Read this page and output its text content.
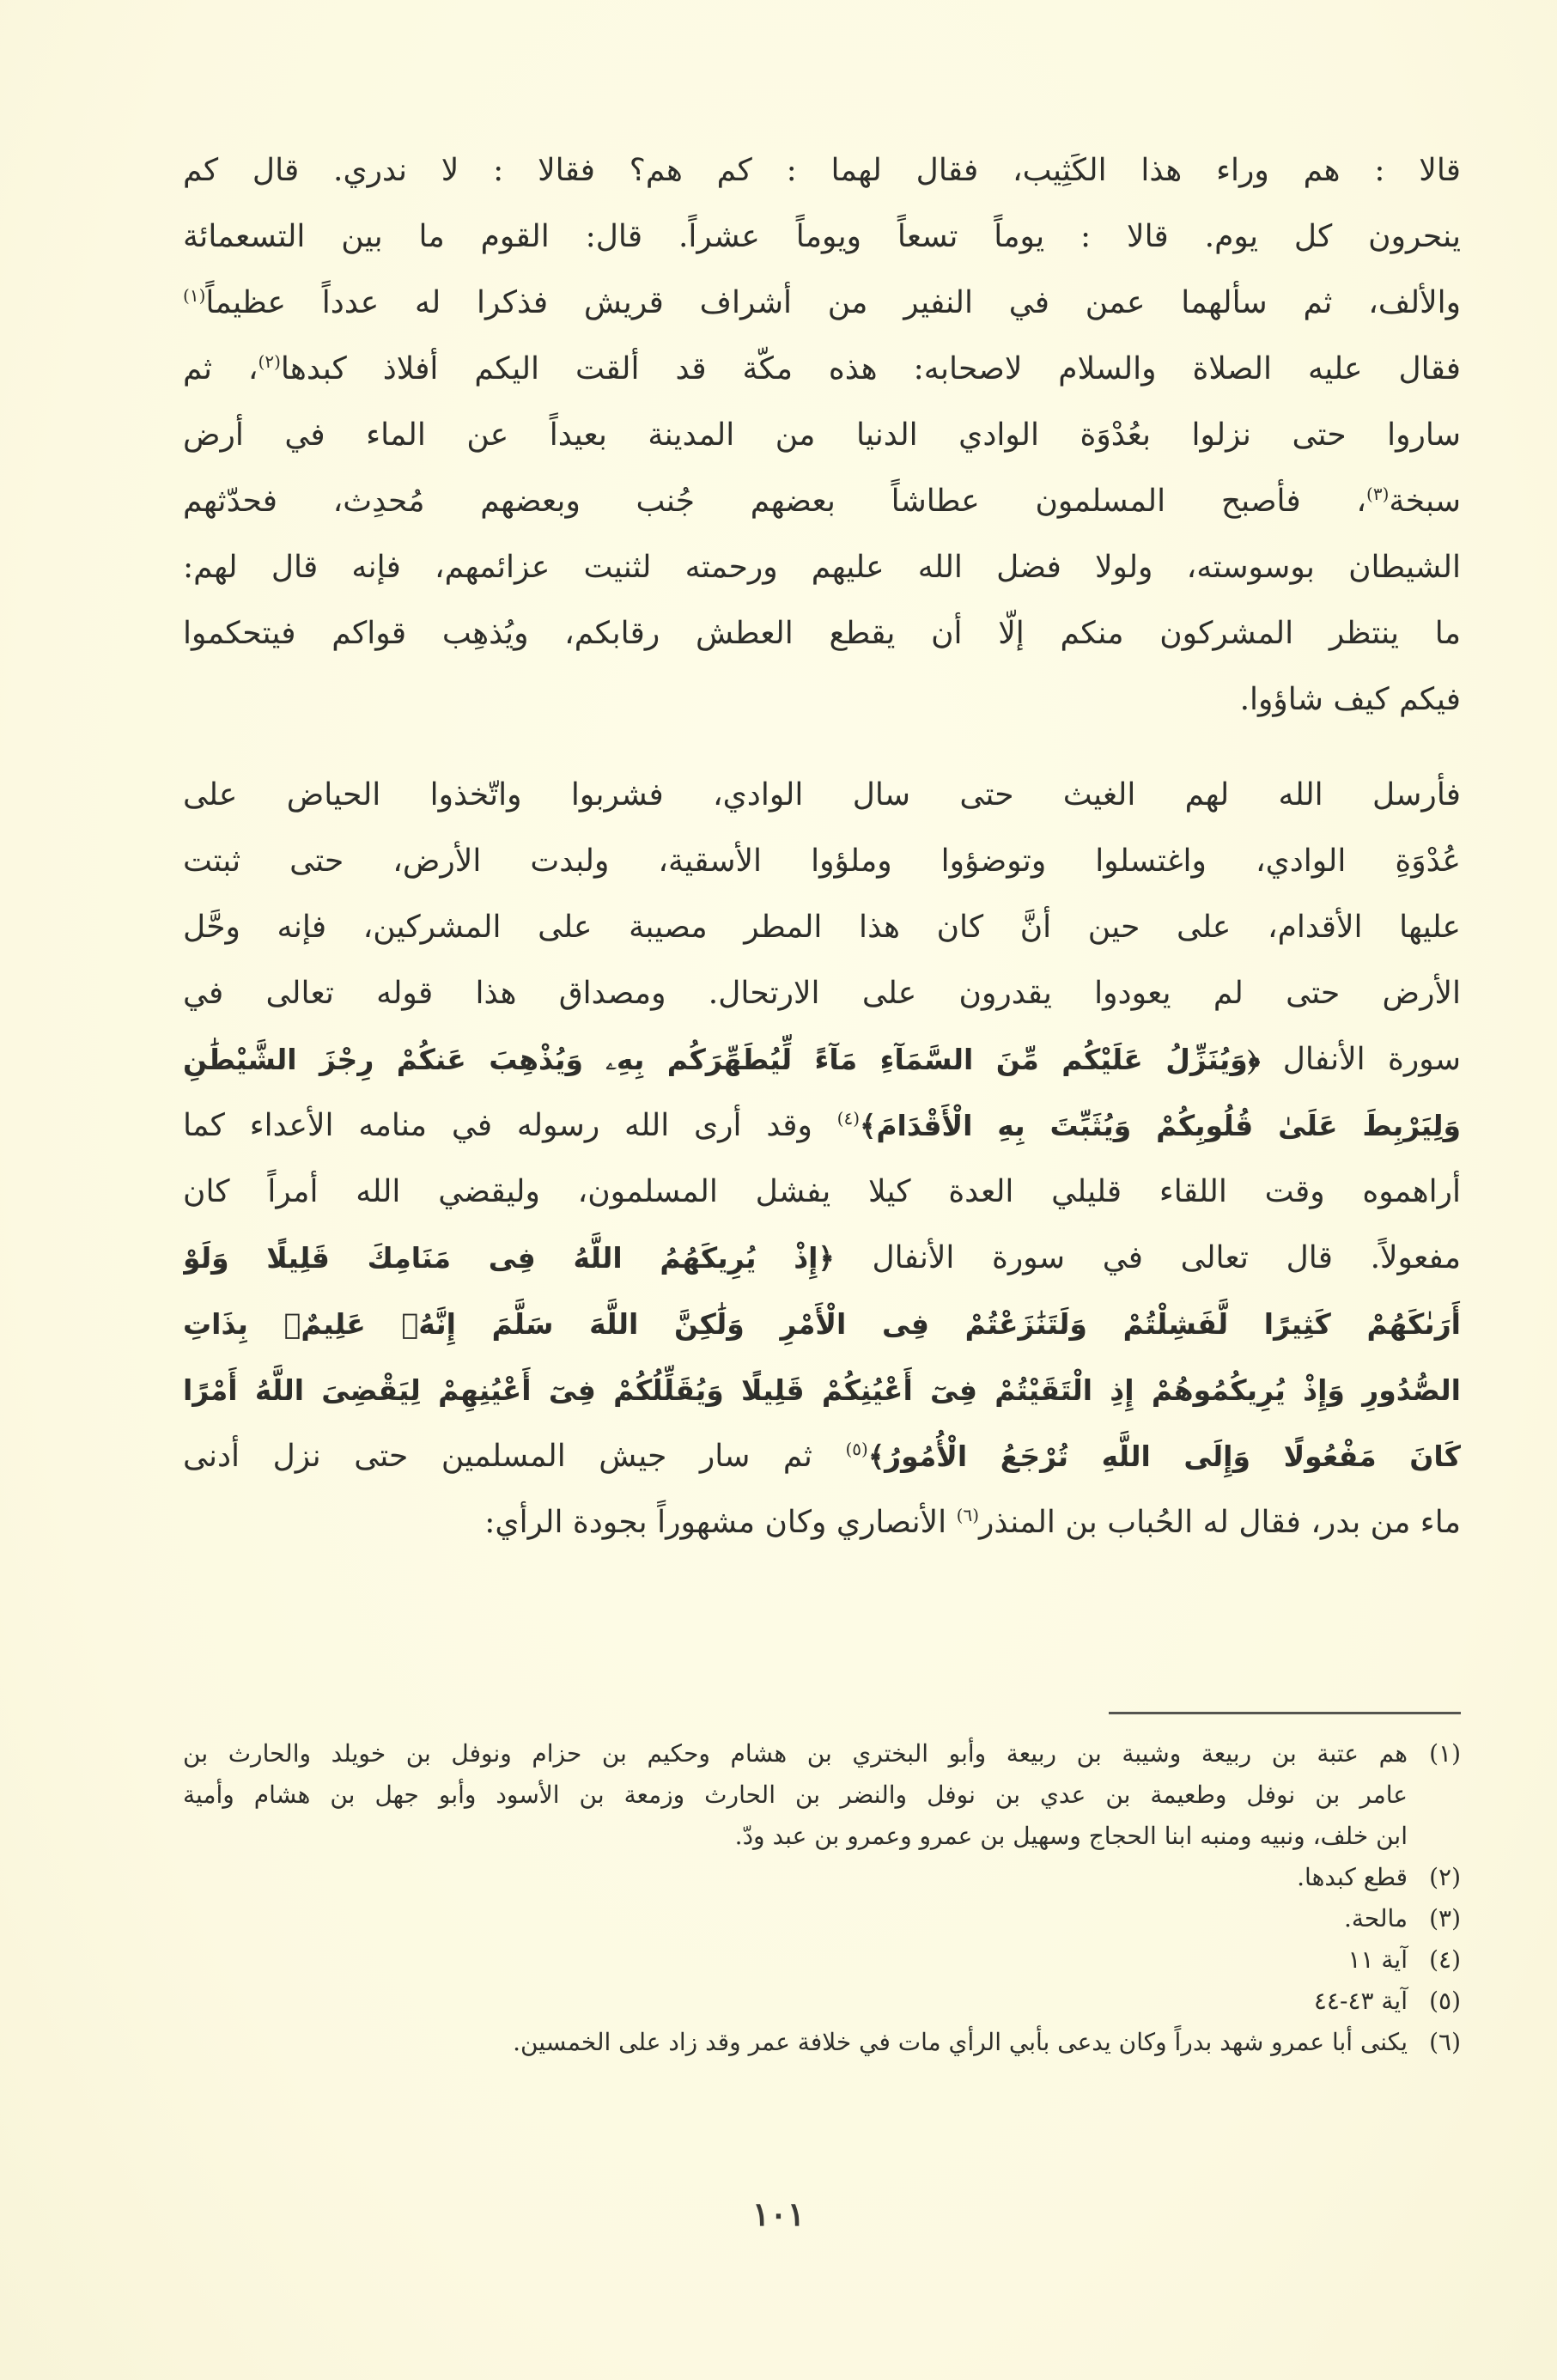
قالا : هم وراء هذا الكَثِيب، فقال لهما : كم هم؟ فقالا : لا ندري. قال كم
ينحرون كل يوم. قالا : يوماً تسعاً ويوماً عشراً. قال: القوم ما بين التسعمائة
والألف، ثم سألهما عمن في النفير من أشراف قريش فذكرا له عدداً عظيماً$^{(١)}$
فقال عليه الصلاة والسلام لاصحابه: هذه مكّة قد ألقت اليكم أفلاذ كبدها$^{(٢)}$، ثم
ساروا حتى نزلوا بعُدْوَة الوادي الدنيا من المدينة بعيداً عن الماء في أرض
سبخة$^{(٣)}$، فأصبح المسلمون عطاشاً بعضهم جُنب وبعضهم مُحدِث، فحدّثهم
الشيطان بوسوسته، ولولا فضل الله عليهم ورحمته لثنيت عزائمهم، فإنه قال لهم:
ما ينتظر المشركون منكم إلّا أن يقطع العطش رقابكم، ويُذهِب قواكم فيتحكموا
فيكم كيف شاؤوا.
فأرسل الله لهم الغيث حتى سال الوادي، فشربوا واتّخذوا الحياض على
عُدْوَةِ الوادي، واغتسلوا وتوضؤوا وملؤوا الأسقية، ولبدت الأرض، حتى ثبتت
عليها الأقدام، على حين أنَّ كان هذا المطر مصيبة على المشركين، فإنه وحَّل
الأرض حتى لم يعودوا يقدرون على الارتحال. ومصداق هذا قوله تعالى في
سورة الأنفال ﴿وَيُنَزِّلُ عَلَيْكُم مِّنَ السَّمَآءِ مَآءً لِّيُطَهِّرَكُم بِهِۦ وَيُذْهِبَ عَنكُمْ رِجْزَ الشَّيْطَٰنِ
وَلِيَرْبِطَ عَلَىٰ قُلُوبِكُمْ وَيُثَبِّتَ بِهِ الْأَقْدَامَ﴾$^{(٤)}$ وقد أرى الله رسوله في منامه الأعداء كما
أراهموه وقت اللقاء قليلي العدة كيلا يفشل المسلمون، وليقضي الله أمراً كان
مفعولاً. قال تعالى في سورة الأنفال ﴿إِذْ يُرِيكَهُمُ اللَّهُ فِى مَنَامِكَ قَلِيلًا وَلَوْ
أَرَىٰكَهُمْ كَثِيرًا لَّفَشِلْتُمْ وَلَتَنَٰزَعْتُمْ فِى الْأَمْرِ وَلَٰكِنَّ اللَّهَ سَلَّمَ إِنَّهُۥ عَلِيمٌۢ بِذَاتِ
الصُّدُورِ وَإِذْ يُرِيكُمُوهُمْ إِذِ الْتَقَيْتُمْ فِىٓ أَعْيُنِكُمْ قَلِيلًا وَيُقَلِّلُكُمْ فِىٓ أَعْيُنِهِمْ لِيَقْضِىَ اللَّهُ أَمْرًا
كَانَ مَفْعُولًا وَإِلَى اللَّهِ تُرْجَعُ الْأُمُورُ﴾$^{(٥)}$ ثم سار جيش المسلمين حتى نزل أدنى
ماء من بدر، فقال له الحُباب بن المنذر$^{(٦)}$ الأنصاري وكان مشهوراً بجودة الرأي:
(١)
هم عتبة بن ربيعة وشيبة بن ربيعة وأبو البختري بن هشام وحكيم بن حزام ونوفل بن خويلد والحارث بن
عامر بن نوفل وطعيمة بن عدي بن نوفل والنضر بن الحارث وزمعة بن الأسود وأبو جهل بن هشام وأمية
ابن خلف، ونبيه ومنبه ابنا الحجاج وسهيل بن عمرو وعمرو بن عبد ودّ.
(٢)
قطع كبدها.
(٣)
مالحة.
(٤)
آية ١١
(٥)
آية ٤٣-٤٤
(٦)
يكنى أبا عمرو شهد بدراً وكان يدعى بأبي الرأي مات في خلافة عمر وقد زاد على الخمسين.
١٠١
